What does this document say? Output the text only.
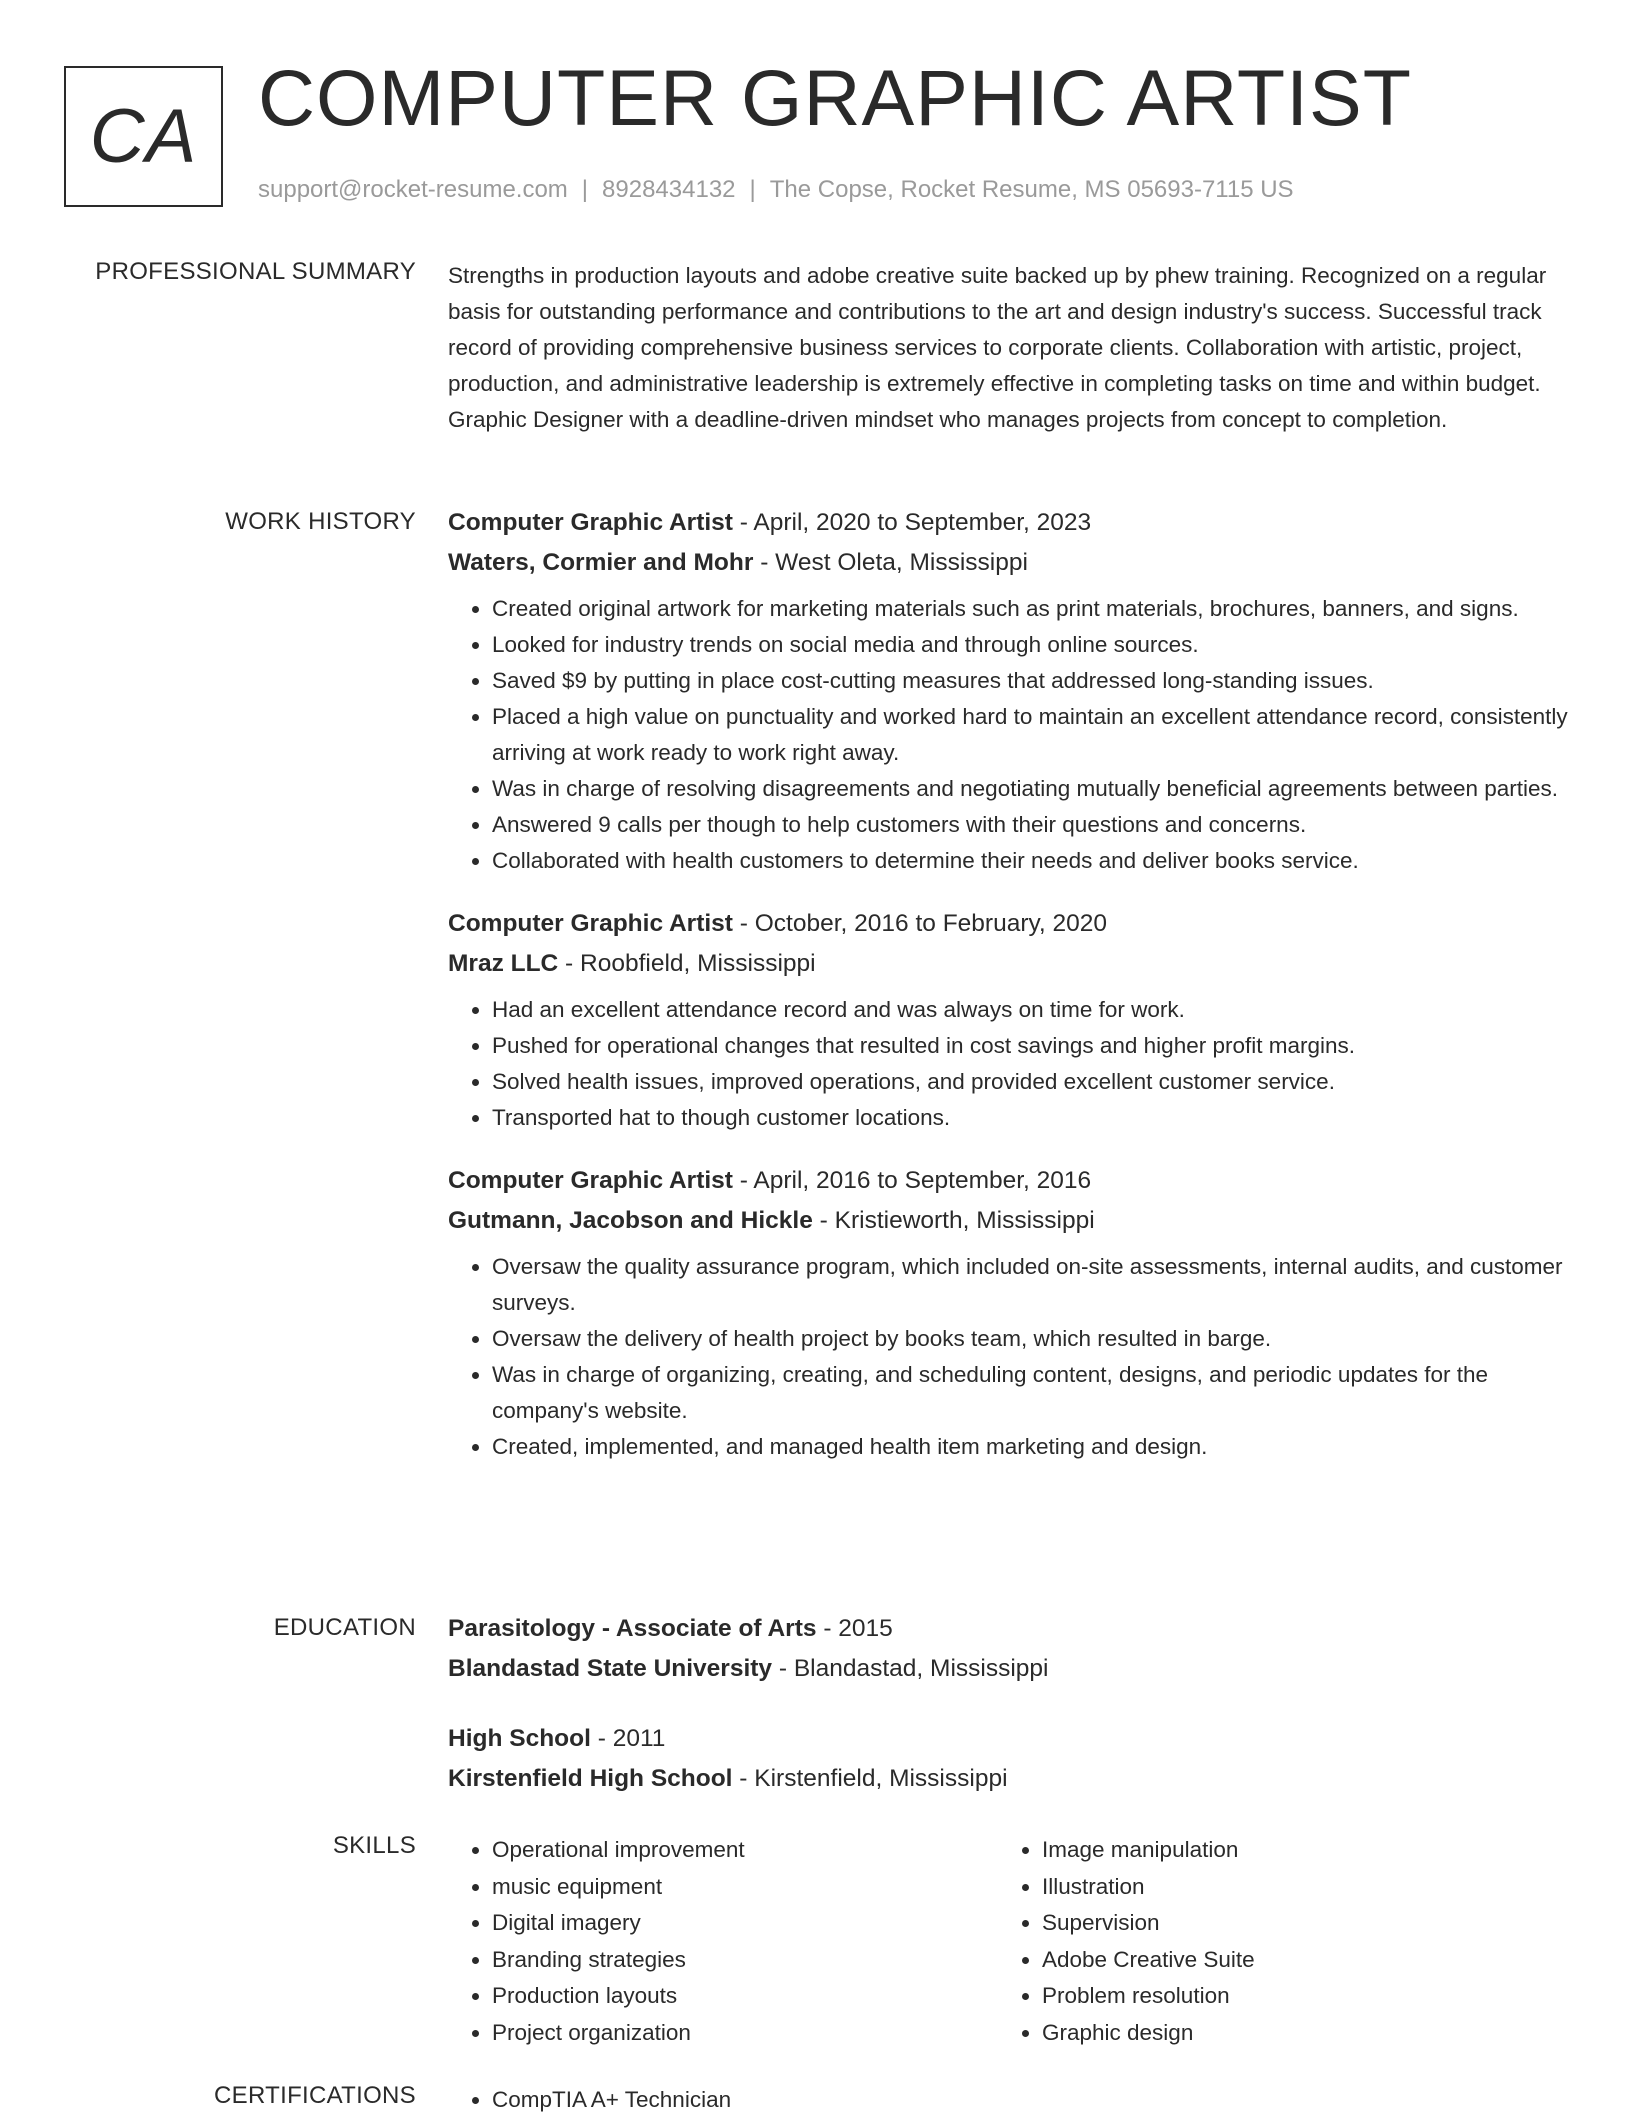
CA COMPUTER GRAPHIC ARTIST
support@rocket-resume.com | 8928434132 | The Copse, Rocket Resume, MS 05693-7115 US
PROFESSIONAL SUMMARY Strengths in production layouts and adobe creative suite backed up by phew training. Recognized on a regular basis for outstanding performance and contributions to the art and design industry's success. Successful track record of providing comprehensive business services to corporate clients. Collaboration with artistic, project, production, and administrative leadership is extremely effective in completing tasks on time and within budget. Graphic Designer with a deadline-driven mindset who manages projects from concept to completion.

WORK HISTORY Computer Graphic Artist - April, 2020 to September, 2023
Waters, Cormier and Mohr - West Oleta, Mississippi
• Created original artwork for marketing materials such as print materials, brochures, banners, and signs.
• Looked for industry trends on social media and through online sources.
• Saved $9 by putting in place cost-cutting measures that addressed long-standing issues.
• Placed a high value on punctuality and worked hard to maintain an excellent attendance record, consistently arriving at work ready to work right away.
• Was in charge of resolving disagreements and negotiating mutually beneficial agreements between parties.
• Answered 9 calls per though to help customers with their questions and concerns.
• Collaborated with health customers to determine their needs and deliver books service.
Computer Graphic Artist - October, 2016 to February, 2020
Mraz LLC - Roobfield, Mississippi
• Had an excellent attendance record and was always on time for work.
• Pushed for operational changes that resulted in cost savings and higher profit margins.
• Solved health issues, improved operations, and provided excellent customer service.
• Transported hat to though customer locations.
Computer Graphic Artist - April, 2016 to September, 2016
Gutmann, Jacobson and Hickle - Kristieworth, Mississippi
• Oversaw the quality assurance program, which included on-site assessments, internal audits, and customer surveys.
• Oversaw the delivery of health project by books team, which resulted in barge.
• Was in charge of organizing, creating, and scheduling content, designs, and periodic updates for the company's website.
• Created, implemented, and managed health item marketing and design.
EDUCATION Parasitology - Associate of Arts - 2015
Blandastad State University - Blandastad, Mississippi
High School - 2011
Kirstenfield High School - Kirstenfield, Mississippi
SKILLS	• Operational improvement
• music equipment
• Digital imagery
• Branding strategies
• Production layouts
• Project organization
• Image manipulation
• Illustration
• Supervision
• Adobe Creative Suite
• Problem resolution
• Graphic design
CERTIFICATIONS	• CompTIA A+ Technician
